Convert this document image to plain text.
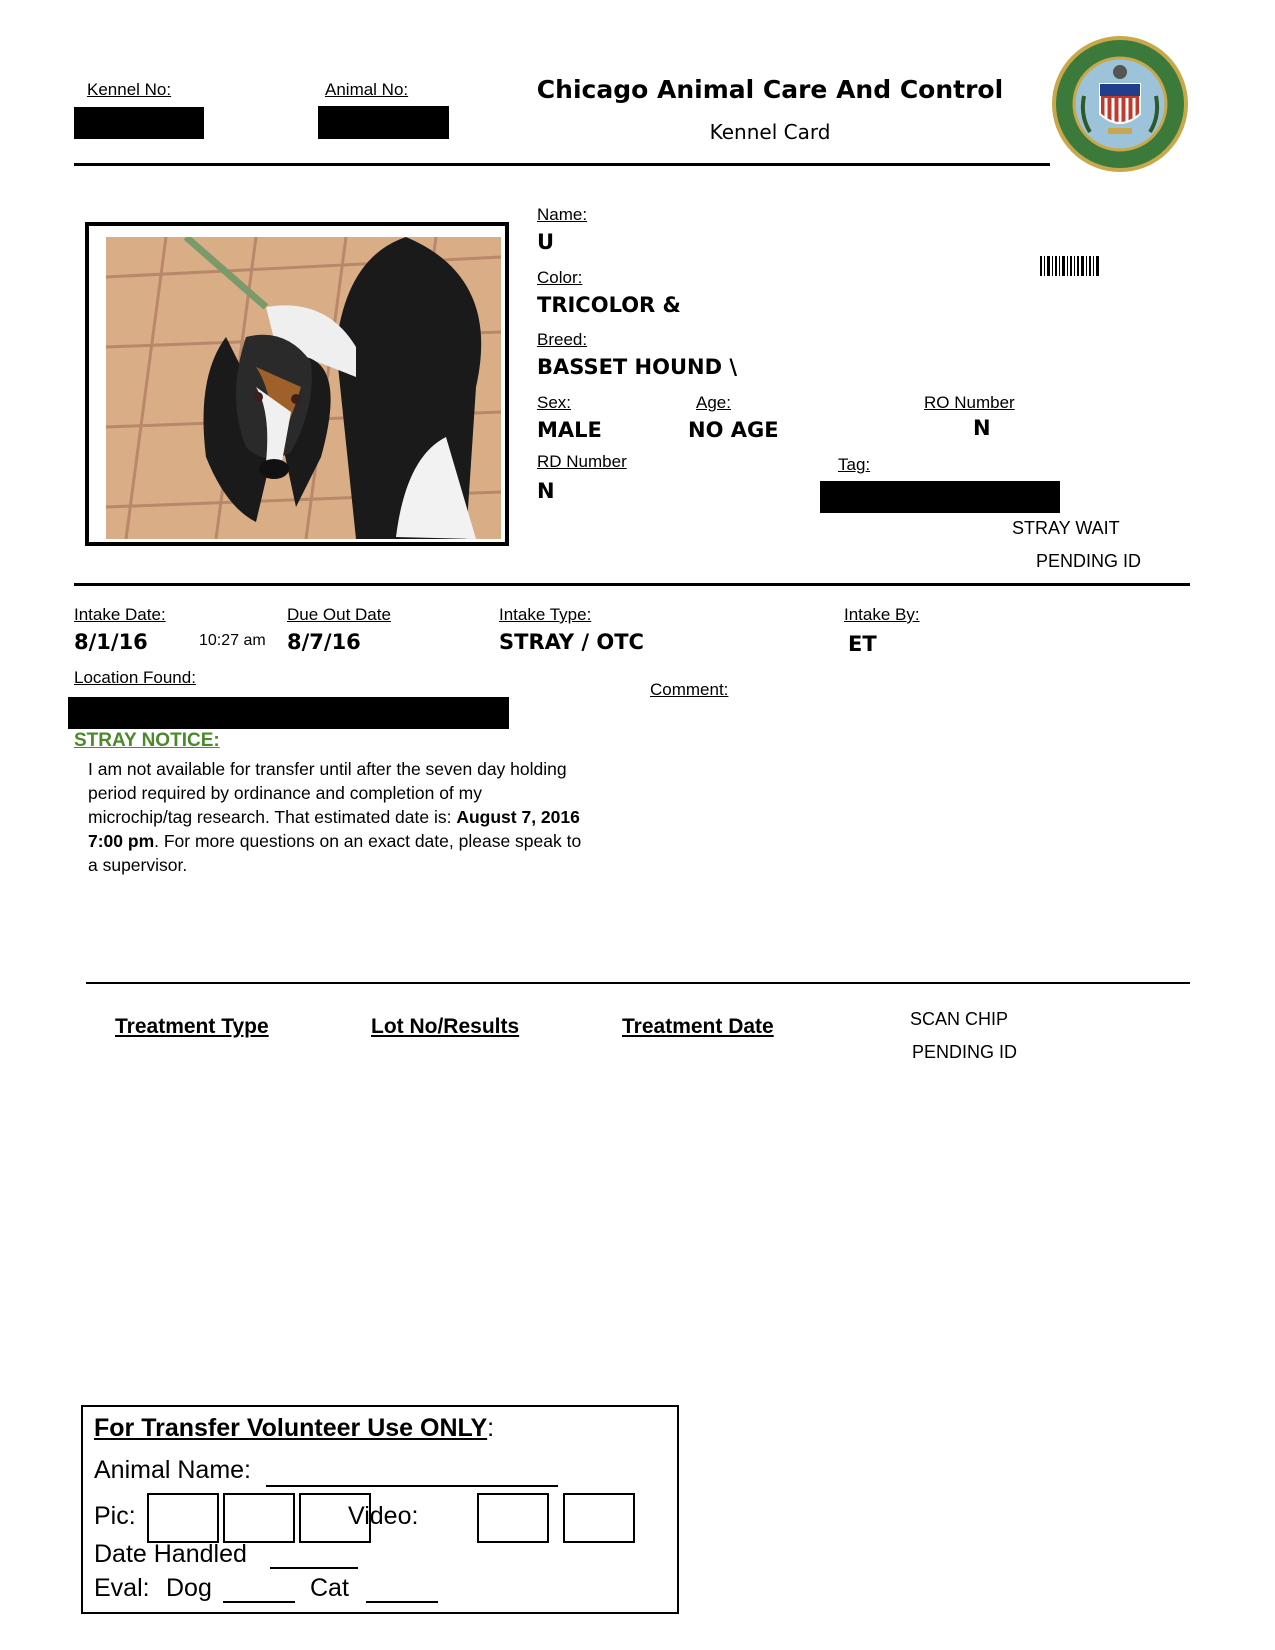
Kennel No:	Animal No:	Chicago Animal Care And Control
Kennel Card
Name:
U
Color:
TRICOLOR &
Breed:
BASSET HOUND \
Sex:
MALE
Age:
NO AGE
RO Number
N
RD Number
N
Tag:
STRAY WAIT
PENDING ID
Intake Date:
8/1/16	10:27 am
Due Out Date
8/7/16
Intake Type:
STRAY / OTC
Intake By:
ET
Location Found:
Comment:
STRAY NOTICE:
I am not available for transfer until after the seven day holding period required by ordinance and completion of my microchip/tag research. That estimated date is: August 7, 2016 7:00 pm. For more questions on an exact date, please speak to a supervisor.
Treatment Type	Lot No/Results	Treatment Date	SCAN CHIP
PENDING ID
For Transfer Volunteer Use ONLY:
Animal Name:
Pic:	Video:
Date Handled
Eval: Dog	Cat
